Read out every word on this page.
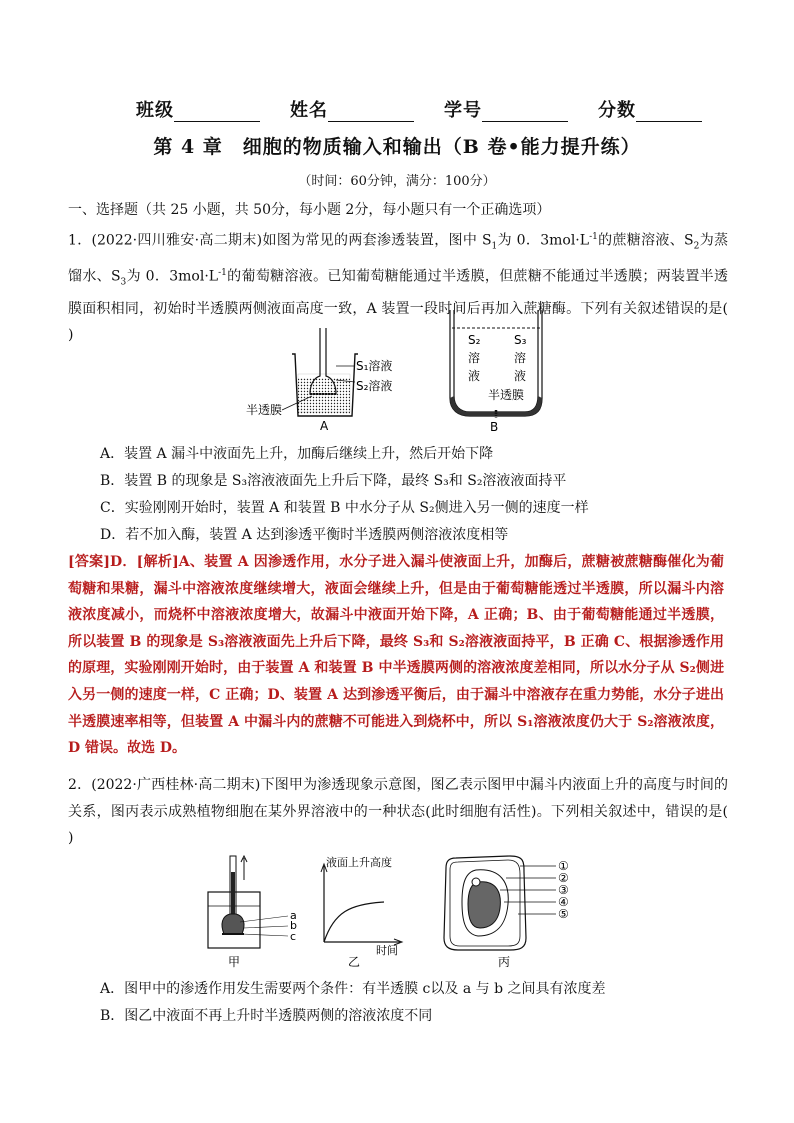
班级	姓名	学号	分数
第 4 章　细胞的物质输入和输出（B 卷•能力提升练）
（时间：60分钟，满分：100分）
一、选择题（共 25 小题，共 50分，每小题 2分，每小题只有一个正确选项）
1．(2022·四川雅安·高二期末)如图为常见的两套渗透装置，图中 $S_1$为 0．$3mol\cdot L^{-1}$的蔗糖溶液、$S_2$为蒸馏水、$S_3$为 0．$3mol\cdot L^{-1}$的葡萄糖溶液。已知葡萄糖能通过半透膜，但蔗糖不能通过半透膜；两装置半透膜面积相同，初始时半透膜两侧液面高度一致，A 装置一段时间后再加入蔗糖酶。下列有关叙述错误的是(　 )
S₁溶液
S₂溶液
半透膜
A
S₂
溶
液
S₃
溶
液
半透膜
B
A．装置 A 漏斗中液面先上升，加酶后继续上升，然后开始下降
B．装置 B 的现象是 S₃溶液液面先上升后下降，最终 S₃和 S₂溶液液面持平
C．实验刚刚开始时，装置 A 和装置 B 中水分子从 S₂侧进入另一侧的速度一样
D．若不加入酶，装置 A 达到渗透平衡时半透膜两侧溶液浓度相等
[答案]D．[解析]A、装置 A 因渗透作用，水分子进入漏斗使液面上升，加酶后，蔗糖被蔗糖酶催化为葡萄糖和果糖，漏斗中溶液浓度继续增大，液面会继续上升，但是由于葡萄糖能透过半透膜，所以漏斗内溶液浓度减小，而烧杯中溶液浓度增大，故漏斗中液面开始下降，A 正确；B、由于葡萄糖能通过半透膜，所以装置 B 的现象是 S₃溶液液面先上升后下降，最终 S₃和 S₂溶液液面持平，B 正确 C、根据渗透作用的原理，实验刚刚开始时，由于装置 A 和装置 B 中半透膜两侧的溶液浓度差相同，所以水分子从 S₂侧进入另一侧的速度一样，C 正确；D、装置 A 达到渗透平衡后，由于漏斗中溶液存在重力势能，水分子进出半透膜速率相等，但装置 A 中漏斗内的蔗糖不可能进入到烧杯中，所以 S₁溶液浓度仍大于 S₂溶液浓度，D 错误。故选 D。
2．(2022·广西桂林·高二期末)下图甲为渗透现象示意图，图乙表示图甲中漏斗内液面上升的高度与时间的关系，图丙表示成熟植物细胞在某外界溶液中的一种状态(此时细胞有活性)。下列相关叙述中，错误的是(　 )
a
b
c
甲
液面上升高度
时间
乙
①
②
③
④
⑤
丙
A．图甲中的渗透作用发生需要两个条件：有半透膜 c以及 a 与 b 之间具有浓度差
B．图乙中液面不再上升时半透膜两侧的溶液浓度不同
